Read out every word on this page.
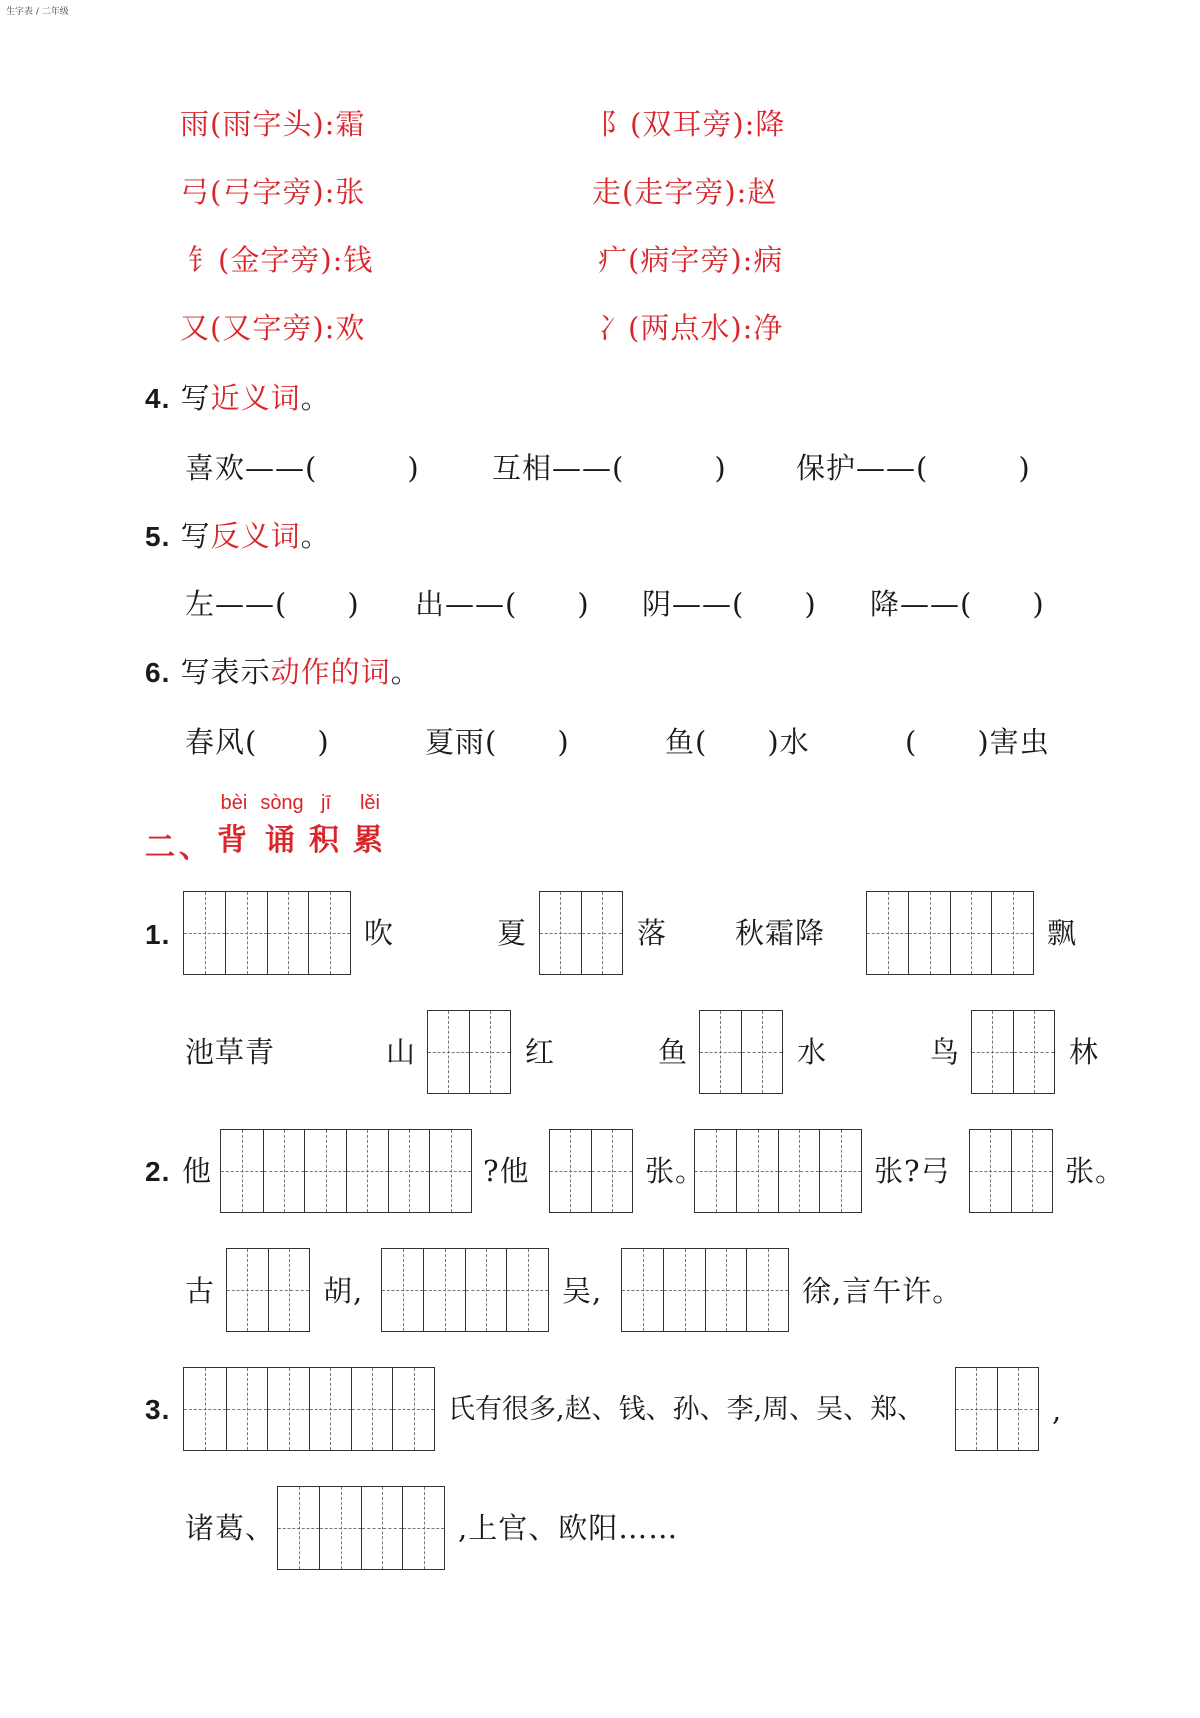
生字表 / 二年级
雨(雨字头):霜	阝(双耳旁):降
弓(弓字旁):张	走(走字旁):赵
钅(金字旁):钱	疒(病字旁):病
又(又字旁):欢	冫(两点水):净
4. 写近义词。
喜欢——(　　　) 互相——(　　　) 保护——(　　　)
5. 写反义词。
左——(　　) 出——(　　) 阴——(　　) 降——(　　)
6. 写表示动作的词。
春风(　　)	夏雨(　　)	鱼(　　)水	(　　)害虫
二、
bèi
背
sòng
诵
jī
积
lěi
累
1.	吹	夏	落 秋霜降	飘
池草青	山	红	鱼	水	鸟	林
2. 他	?他	张。	张?弓	张。
古	胡,	吴,	徐,言午许。
3.	氏有很多,赵、钱、孙、李,周、吴、郑、	,
诸葛、	,上官、欧阳……
